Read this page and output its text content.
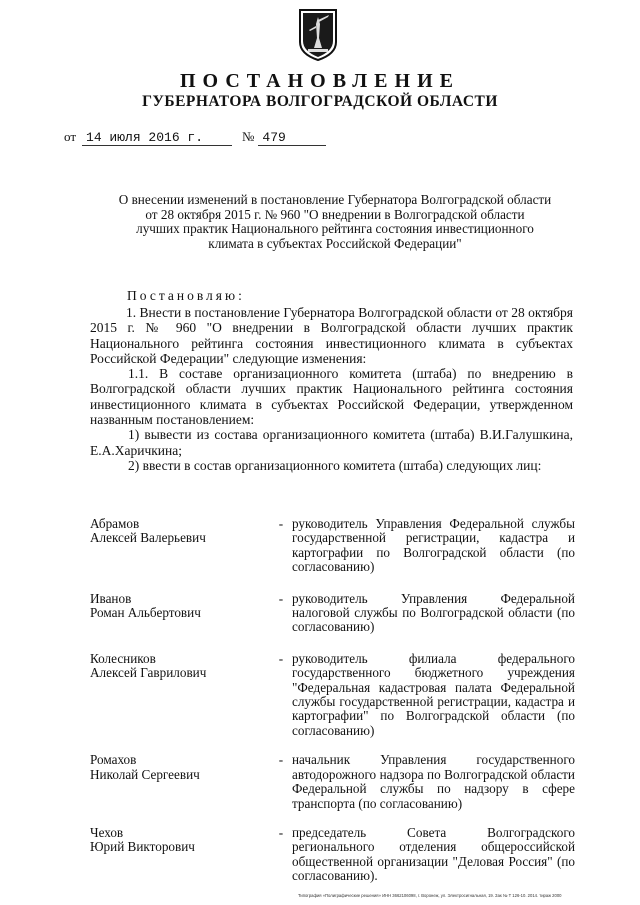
ПОСТАНОВЛЕНИЕ
ГУБЕРНАТОРА ВОЛГОГРАДСКОЙ ОБЛАСТИ
от 14 июля 2016 г.	№ 479
О внесении изменений в постановление Губернатора Волгоградской области
от 28 октября 2015 г. № 960 "О внедрении в Волгоградской области
лучших практик Национального рейтинга состояния инвестиционного
климата в субъектах Российской Федерации"
Постановляю:

1. Внести в постановление Губернатора Волгоградской области от 28 октября 2015 г. № 960 "О внедрении в Волгоградской области лучших практик Национального рейтинга состояния инвестиционного климата в субъектах Российской Федерации" следующие изменения:

1.1. В составе организационного комитета (штаба) по внедрению в Волгоградской области лучших практик Национального рейтинга состояния инвестиционного климата в субъектах Российской Федерации, утвержденном названным постановлением:

1) вывести из состава организационного комитета (штаба) В.И.Галушкина, Е.А.Харичкина;

2) ввести в состав организационного комитета (штаба) следующих лиц:

Абрамов
Алексей Валерьевич
- руководитель Управления Федеральной службы государственной регистрации, кадастра и картографии по Волгоградской области (по согласованию)
Иванов
Роман Альбертович
- руководитель Управления Федеральной налоговой службы по Волгоградской области (по согласованию)
Колесников
Алексей Гаврилович
- руководитель филиала федерального государственного бюджетного учреждения "Федеральная кадастровая палата Федеральной службы государственной регистрации, кадастра и картографии" по Волгоградской области (по согласованию)
Ромахов
Николай Сергеевич
- начальник Управления государственного автодорожного надзора по Волгоградской области Федеральной службы по надзору в сфере транспорта (по согласованию)
Чехов
Юрий Викторович
- председатель Совета Волгоградского регионального отделения общероссийской общественной организации "Деловая Россия" (по согласованию).
Типография «Полиграфические решения» ИНН 3662106098, г. Воронеж, ул. Электросигнальная, 19. Зак № Т 126-10. 2014. тираж 2000
